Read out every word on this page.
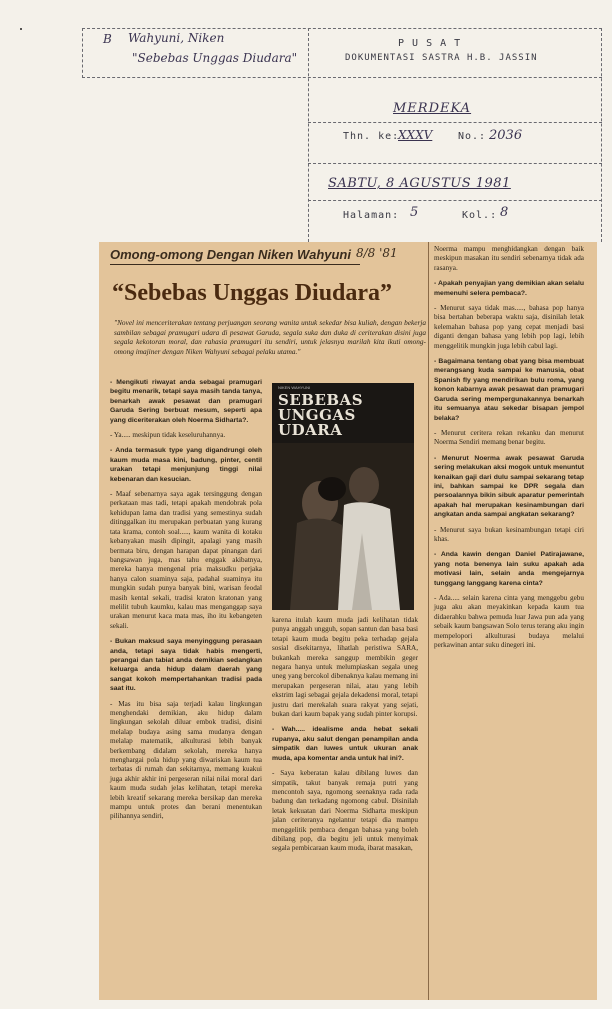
B Wahyuni, Niken
"Sebebas Unggas Diudara"
P U S A T
DOKUMENTASI SASTRA H.B. JASSIN
MERDEKA
Thn. ke:
XXXV	No.: 2036
SABTU, 8 AGUSTUS 1981
Halaman: 5	Kol.: 8
Omong-omong Dengan Niken Wahyuni 8/8 '81
“Sebebas Unggas Diudara”
"Novel ini menceriterakan tentang perjuangan seorang wanita untuk sekedar bisa kuliah, dengan bekerja sambilan sebagai pramugari udara di pesawat Garuda, segala suka dan duka di ceriterakan disini juga segala kekotoran moral, dan rahasia pramugari itu sendiri, untuk jelasnya marilah kita ikuti omong-omong imajiner dengan Niken Wahyuni sebagai pelaku utama."
NIKEN WAHYUNI
SEBEBAS UNGGAS UDARA

- Mengikuti riwayat anda sebagai pramugari begitu menarik, tetapi saya masih tanda tanya, benarkah awak pesawat dan pramugari Garuda Sering berbuat mesum, seperti apa yang diceriterakan oleh Noerma Sidharta?.

- Ya..... meskipun tidak keseluruhannya.

- Anda termasuk type yang digandrungi oleh kaum muda masa kini, badung, pinter, centil urakan tetapi menjunjung tinggi nilai kebenaran dan kesucian.

- Maaf sebenarnya saya agak tersinggung dengan perkataan mas tadi, tetapi apakah mendobrak pola kehidupan lama dan tradisi yang semestinya sudah ditinggalkan itu merupakan perbuatan yang kurang tata krama, contoh soal....., kaum wanita di kotaku kebanyakan masih dipingit, apalagi yang masih bermata biru, dengan harapan dapat pinangan dari bangsawan juga, mas tahu enggak akibatnya, mereka hanya mengenal pria maksudku perjaka hanya calon suaminya saja, padahal suaminya itu mungkin sudah punya banyak bini, warisan feodal masih kental sekali, tradisi kraton kratonan yang melilit tubuh kaumku, kalau mas menganggap saya urakan menurut kaca mata mas, iho itu kebangeten sekali.

- Bukan maksud saya menyinggung perasaan anda, tetapi saya tidak habis mengerti, perangai dan tabiat anda demikian sedangkan keluarga anda hidup dalam daerah yang sangat kokoh mempertahankan tradisi pada saat itu.

- Mas itu bisa saja terjadi kalau lingkungan menghendaki demikian, aku hidup dalam lingkungan sekolah diluar embok tradisi, disini melalap budaya asing sama mudanya dengan melalap matematik, alkulturasi lebih banyak berkembang didalam sekolah, mereka hanya menghargai pola hidup yang diwariskan kaum tua terbatas di rumah dan sekitarnya, memang kuakui juga akhir akhir ini pergeseran nilai nilai moral dari kaum muda sudah jelas kelihatan, tetapi mereka lebih kreatif sekarang mereka bersikap dan mereka mampu untuk protes dan berani menentukan pilihannya sendiri,

karena itulah kaum muda jadi kelihatan tidak punya anggah ungguh, sopan santun dan basa basi tetapi kaum muda begitu peka terhadap gejala sosial disekitarnya, lihatlah peristiwa SARA, bukankah mereka sanggup membikin geger negara hanya untuk melumpiaskan segala uneg uneg yang bercokol dibenaknya kalau memang ini merupakan pergeseran nilai, atau yang lebih ekstrim lagi sebagai gejala dekadensi moral, tetapi justru dari merekalah suara rakyat yang sejati, bukan dari kaum bapak yang sudah pinter korupsi.

- Wah..... idealisme anda hebat sekali rupanya, aku salut dengan penampilan anda simpatik dan luwes untuk ukuran anak muda, apa komentar anda untuk hal ini?.

- Saya keberatan kalau dibilang luwes dan simpatik, takut banyak remaja putri yang mencontoh saya, ngomong seenaknya rada rada badung dan terkadang ngomong cabul. Disinilah letak kekuatan dari Noerma Sidharta meskipun jalan ceriteranya ngelantur tetapi dia mampu menggelitik pembaca dengan bahasa yang boleh dibilang pop, dia begitu jeli untuk menyimak segala pembicaraan kaum muda, ibarat masakan,

Noerma mampu menghidangkan dengan baik meskipun masakan itu sendiri sebenarnya tidak ada rasanya.

- Apakah penyajian yang demikian akan selalu memenuhi selera pembaca?.

- Menurut saya tidak mas....., bahasa pop hanya bisa bertahan beberapa waktu saja, disinilah letak kelemahan bahasa pop yang cepat menjadi basi diganti dengan bahasa yang lebih pop lagi, lebih menggelitik mungkin juga lebih cabul lagi.

- Bagaimana tentang obat yang bisa membuat merangsang kuda sampai ke manusia, obat Spanish fly yang mendirikan bulu roma, yang konon kabarnya awak pesawat dan pramugari Garuda sering mempergunakannya benarkah itu semuanya atau sekedar bisapan jempol belaka?

- Menurut ceritera rekan rekanku dan menurut Noerma Sendiri memang benar begitu.

- Menurut Noerma awak pesawat Garuda sering melakukan aksi mogok untuk menuntut kenaikan gaji dari dulu sampai sekarang tetap ini, bahkan sampai ke DPR segala dan persoalannya bikin sibuk aparatur pemerintah apakah hal merupakan kesinambungan dari angkatan anda sampai angkatan sekarang?

- Menurut saya bukan kesinambungan tetapi ciri khas.

- Anda kawin dengan Daniel Patirajawane, yang nota benenya lain suku apakah ada motivasi lain, selain anda mengejarnya tunggang langgang karena cinta?

- Ada..... selain karena cinta yang menggebu gebu juga aku akan meyakinkan kepada kaum tua didaerahku bahwa pemuda luar Jawa pun ada yang sebaik kaum bangsawan Solo terus terang aku ingin mempelopori alkulturasi budaya melalui perkawinan antar suku dinegeri ini.
